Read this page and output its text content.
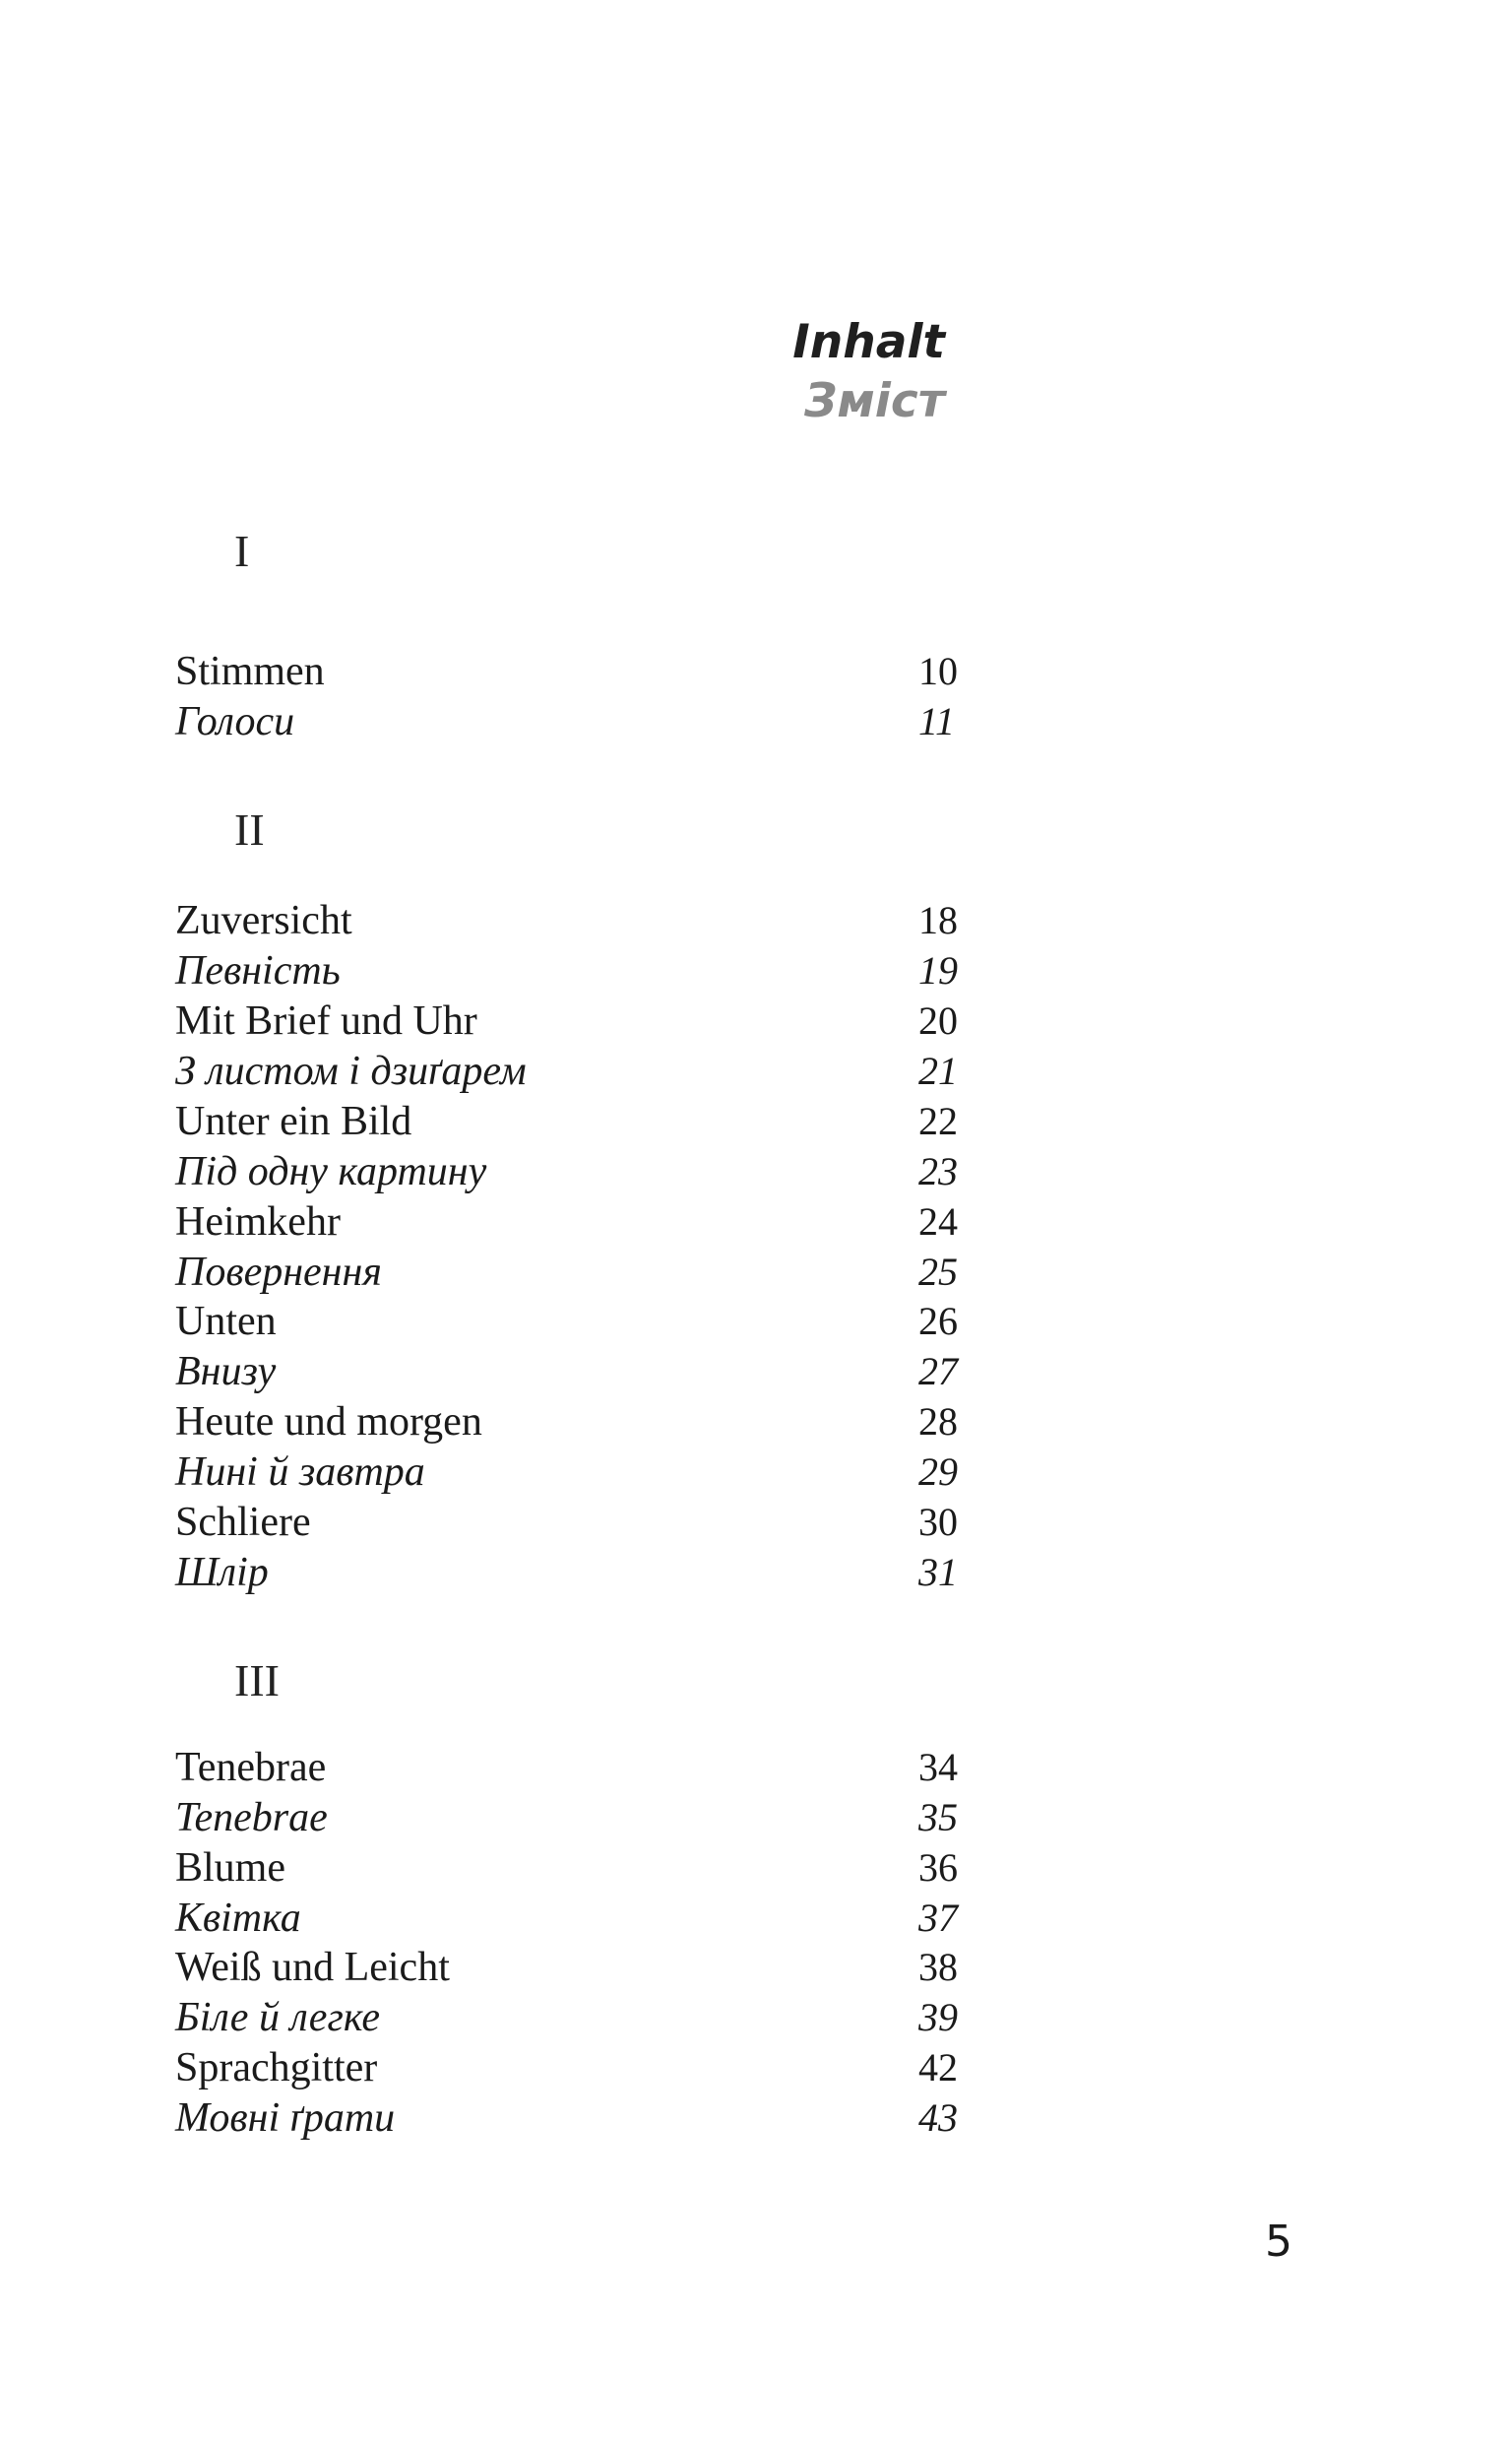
Inhalt
Зміст
I
Stimmen	10
Голоси	11
II
Zuversicht	18
Певність	19
Mit Brief und Uhr	20
З листом і дзиґарем	21
Unter ein Bild	22
Під одну картину	23
Heimkehr	24
Повернення	25
Unten	26
Внизу	27
Heute und morgen	28
Нині й завтра	29
Schliere	30
Шлір	31
III
Tenebrae	34
Tenebrae	35
Blume	36
Квітка	37
Weiß und Leicht	38
Біле й легке	39
Sprachgitter	42
Мовні ґрати	43
5
